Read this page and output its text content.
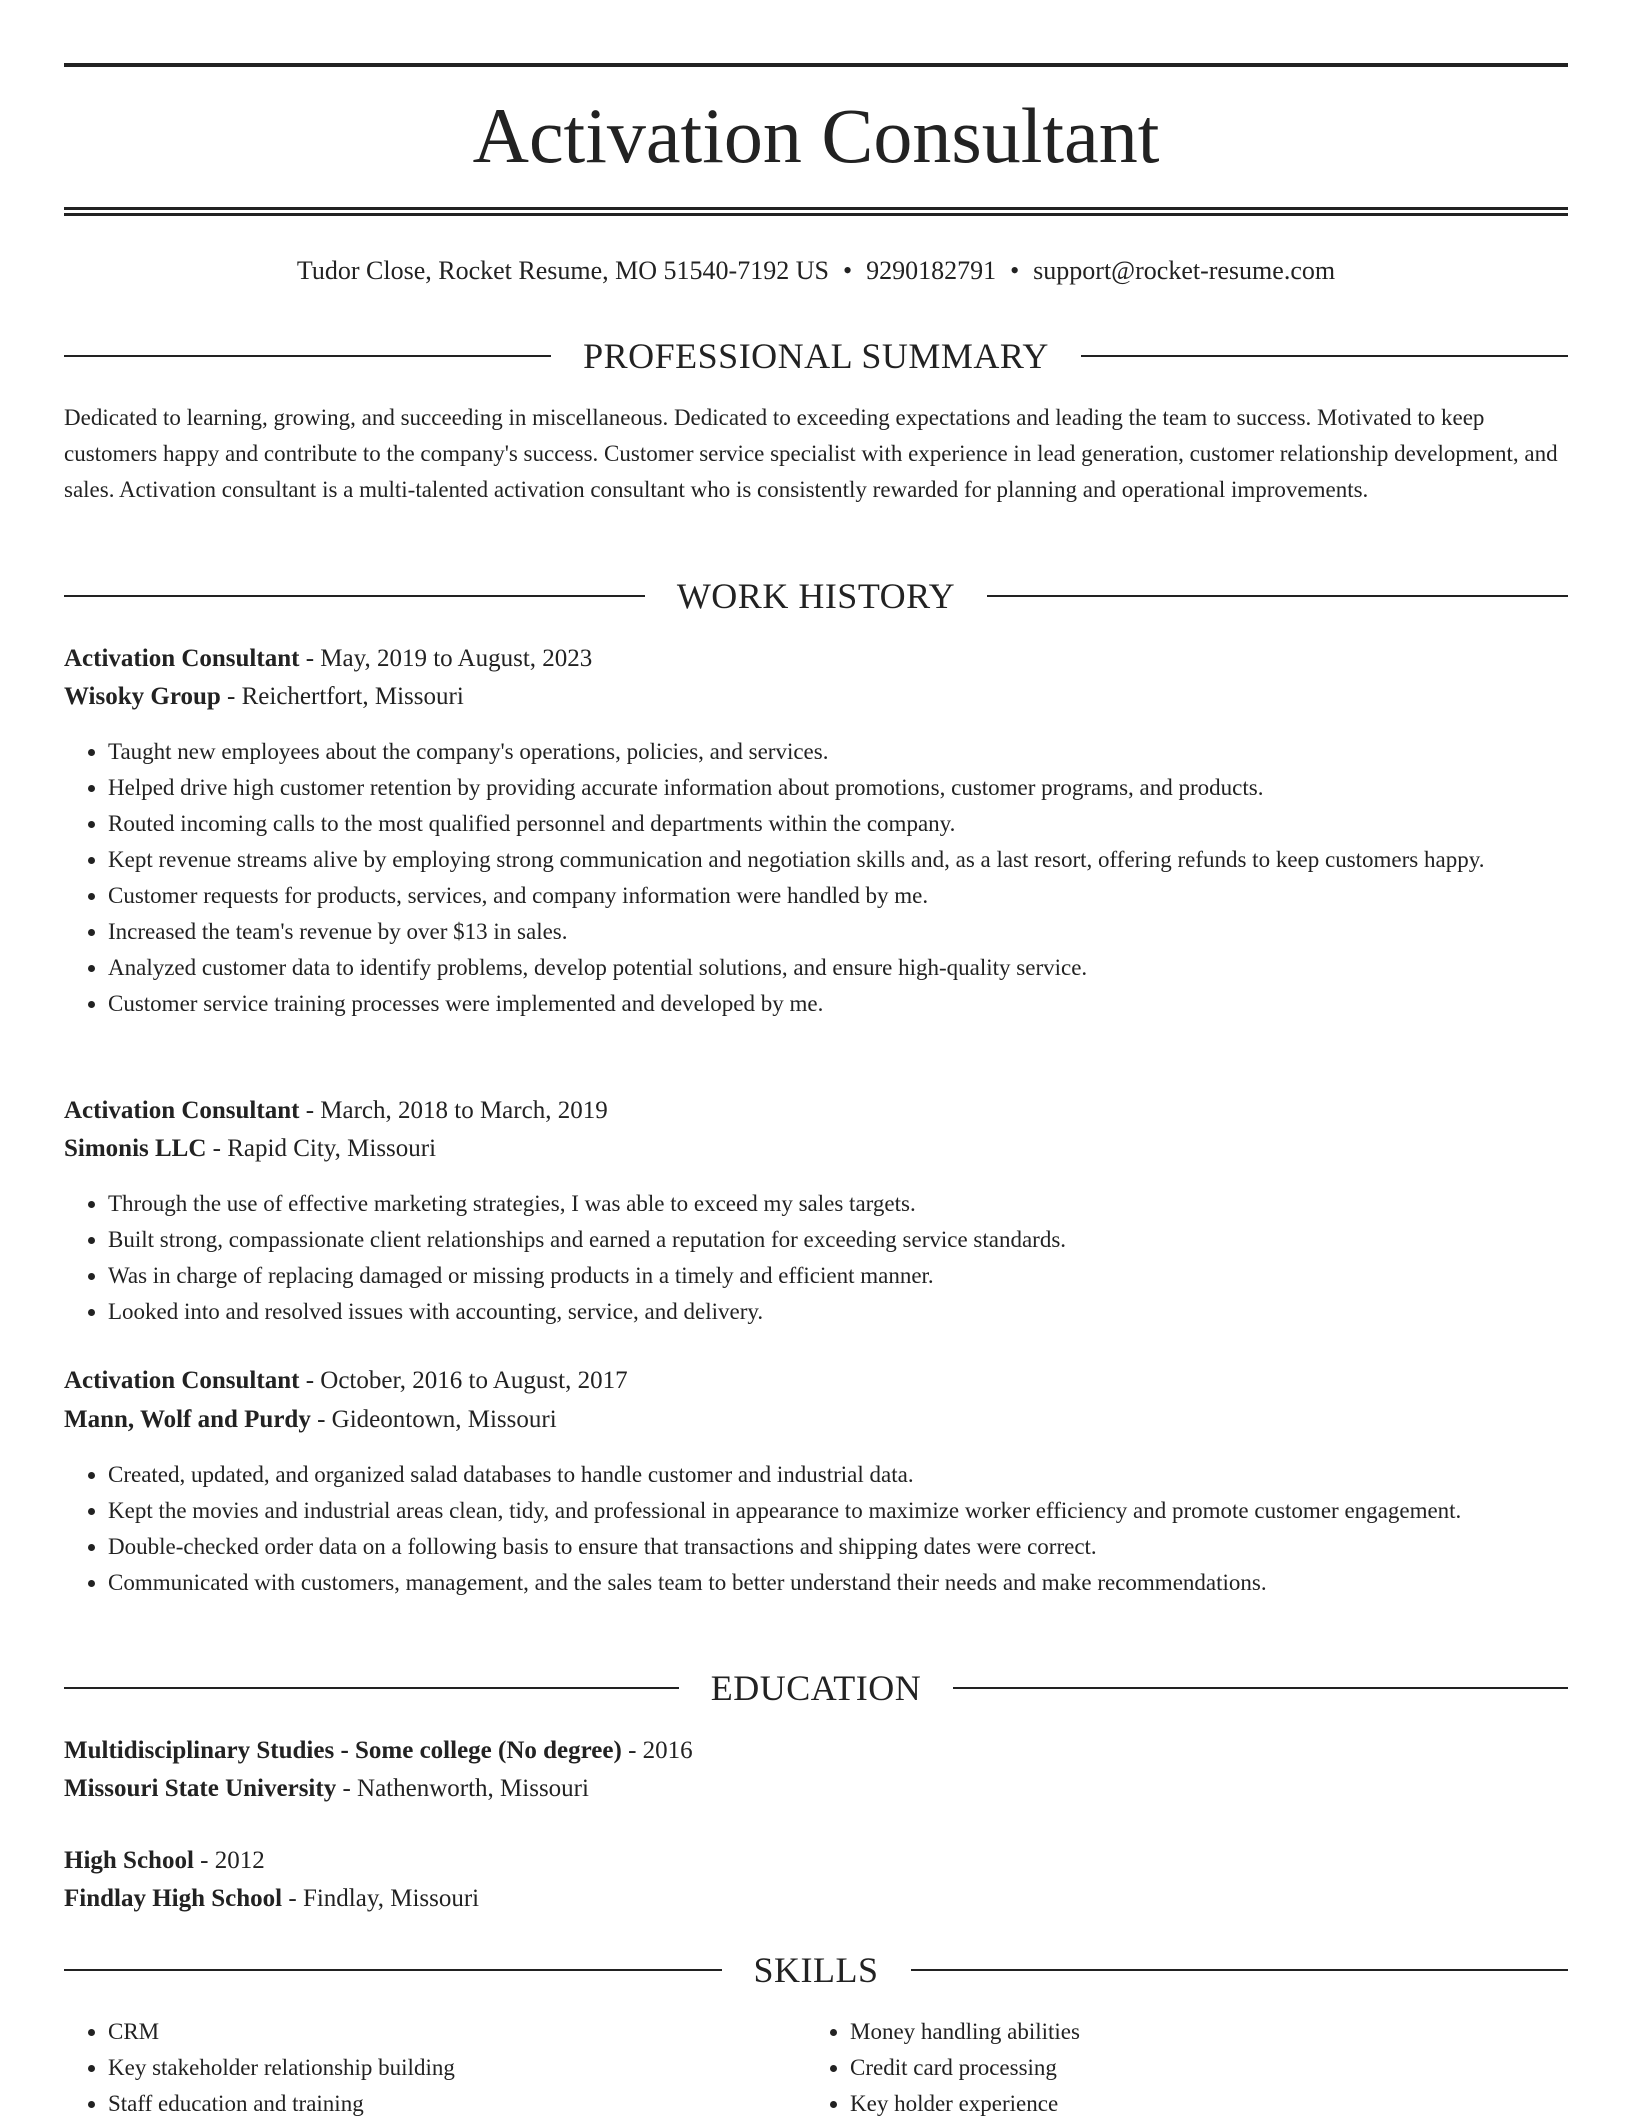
Activation Consultant
Tudor Close, Rocket Resume, MO 51540-7192 US • 9290182791 • support@rocket-resume.com
PROFESSIONAL SUMMARY

Dedicated to learning, growing, and succeeding in miscellaneous. Dedicated to exceeding expectations and leading the team to success. Motivated to keep customers happy and contribute to the company's success. Customer service specialist with experience in lead generation, customer relationship development, and sales. Activation consultant is a multi-talented activation consultant who is consistently rewarded for planning and operational improvements.

WORK HISTORY
Activation Consultant - May, 2019 to August, 2023
Wisoky Group - Reichertfort, Missouri
• Taught new employees about the company's operations, policies, and services.
• Helped drive high customer retention by providing accurate information about promotions, customer programs, and products.
• Routed incoming calls to the most qualified personnel and departments within the company.
• Kept revenue streams alive by employing strong communication and negotiation skills and, as a last resort, offering refunds to keep customers happy.
• Customer requests for products, services, and company information were handled by me.
• Increased the team's revenue by over $13 in sales.
• Analyzed customer data to identify problems, develop potential solutions, and ensure high-quality service.
• Customer service training processes were implemented and developed by me.
Activation Consultant - March, 2018 to March, 2019
Simonis LLC - Rapid City, Missouri
• Through the use of effective marketing strategies, I was able to exceed my sales targets.
• Built strong, compassionate client relationships and earned a reputation for exceeding service standards.
• Was in charge of replacing damaged or missing products in a timely and efficient manner.
• Looked into and resolved issues with accounting, service, and delivery.
Activation Consultant - October, 2016 to August, 2017
Mann, Wolf and Purdy - Gideontown, Missouri
• Created, updated, and organized salad databases to handle customer and industrial data.
• Kept the movies and industrial areas clean, tidy, and professional in appearance to maximize worker efficiency and promote customer engagement.
• Double-checked order data on a following basis to ensure that transactions and shipping dates were correct.
• Communicated with customers, management, and the sales team to better understand their needs and make recommendations.
EDUCATION
Multidisciplinary Studies - Some college (No degree) - 2016
Missouri State University - Nathenworth, Missouri
High School - 2012
Findlay High School - Findlay, Missouri
SKILLS
• CRM
• Key stakeholder relationship building
• Staff education and training
• Money handling abilities
• Credit card processing
• Key holder experience
